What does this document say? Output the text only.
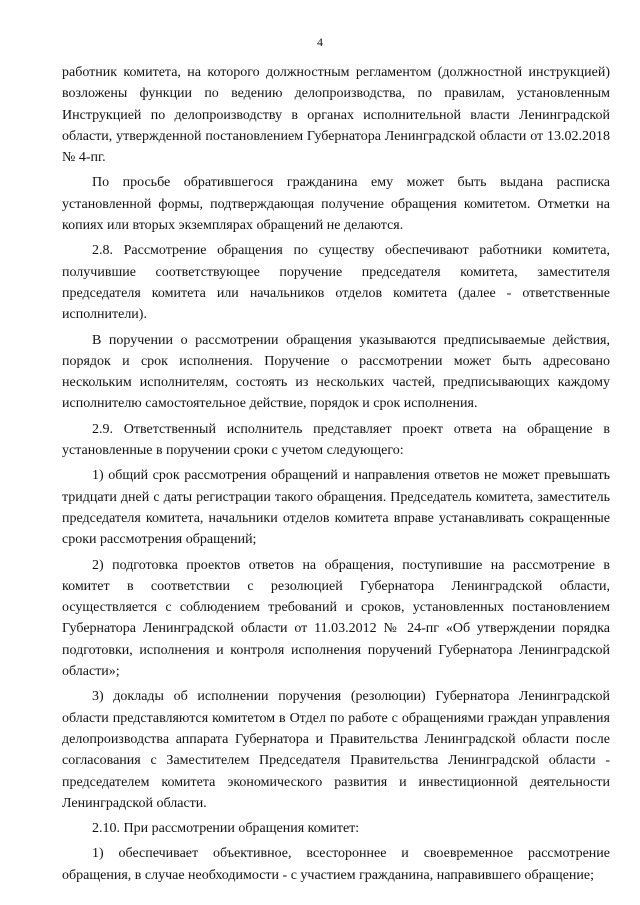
4

работник комитета, на которого должностным регламентом (должностной инструкцией) возложены функции по ведению делопроизводства, по правилам, установленным Инструкцией по делопроизводству в органах исполнительной власти Ленинградской области, утвержденной постановлением Губернатора Ленинградской области от 13.02.2018 № 4-пг.

По просьбе обратившегося гражданина ему может быть выдана расписка установленной формы, подтверждающая получение обращения комитетом. Отметки на копиях или вторых экземплярах обращений не делаются.

2.8. Рассмотрение обращения по существу обеспечивают работники комитета, получившие соответствующее поручение председателя комитета, заместителя председателя комитета или начальников отделов комитета (далее - ответственные исполнители).

В поручении о рассмотрении обращения указываются предписываемые действия, порядок и срок исполнения. Поручение о рассмотрении может быть адресовано нескольким исполнителям, состоять из нескольких частей, предписывающих каждому исполнителю самостоятельное действие, порядок и срок исполнения.

2.9. Ответственный исполнитель представляет проект ответа на обращение в установленные в поручении сроки с учетом следующего:

1) общий срок рассмотрения обращений и направления ответов не может превышать тридцати дней с даты регистрации такого обращения. Председатель комитета, заместитель председателя комитета, начальники отделов комитета вправе устанавливать сокращенные сроки рассмотрения обращений;

2) подготовка проектов ответов на обращения, поступившие на рассмотрение в комитет в соответствии с резолюцией Губернатора Ленинградской области, осуществляется с соблюдением требований и сроков, установленных постановлением Губернатора Ленинградской области от 11.03.2012 № 24-пг «Об утверждении порядка подготовки, исполнения и контроля исполнения поручений Губернатора Ленинградской области»;

3) доклады об исполнении поручения (резолюции) Губернатора Ленинградской области представляются комитетом в Отдел по работе с обращениями граждан управления делопроизводства аппарата Губернатора и Правительства Ленинградской области после согласования с Заместителем Председателя Правительства Ленинградской области - председателем комитета экономического развития и инвестиционной деятельности Ленинградской области.

2.10. При рассмотрении обращения комитет:

1) обеспечивает объективное, всестороннее и своевременное рассмотрение обращения, в случае необходимости - с участием гражданина, направившего обращение;
